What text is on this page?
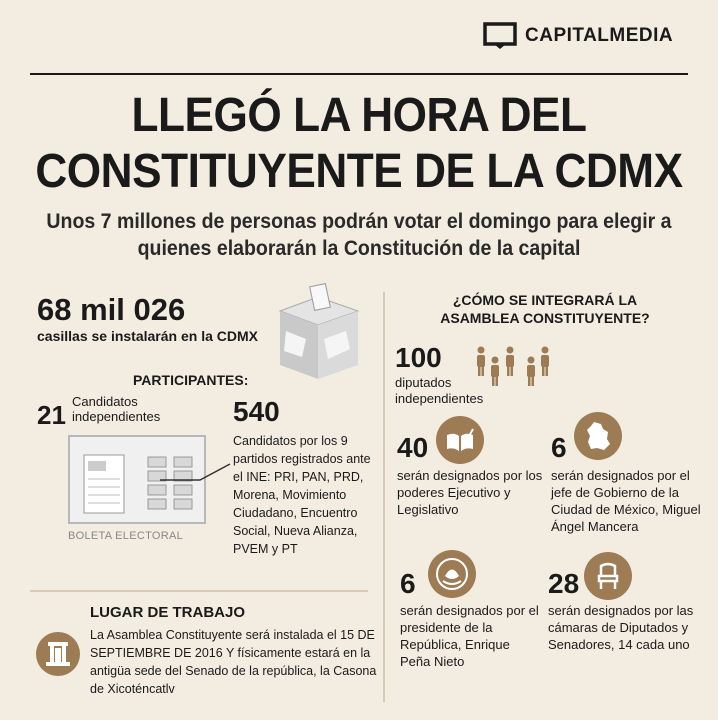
CAPITALMEDIA
LLEGÓ LA HORA DEL
CONSTITUYENTE DE LA CDMX
Unos 7 millones de personas podrán votar el domingo para elegir a
quienes elaborarán la Constitución de la capital
68 mil 026
casillas se instalarán en la CDMX
PARTICIPANTES:
21 Candidatos independientes	540
Candidatos por los 9 partidos registrados ante el INE: PRI, PAN, PRD, Morena, Movimiento Ciudadano, Encuentro Social, Nueva Alianza, PVEM y PT
BOLETA ELECTORAL
LUGAR DE TRABAJO
La Asamblea Constituyente será instalada el 15 DE SEPTIEMBRE DE 2016 Y físicamente estará en la antigüa sede del Senado de la república, la Casona de Xicoténcatlv
¿CÓMO SE INTEGRARÁ LA
ASAMBLEA CONSTITUYENTE?
100
diputados independientes
40
serán designados por los poderes Ejecutivo y Legislativo
6
serán designados por el jefe de Gobierno de la Ciudad de México, Miguel Ángel Mancera
6
serán designados por el presidente de la República, Enrique Peña Nieto
28
serán designados por las cámaras de Diputados y Senadores, 14 cada uno
